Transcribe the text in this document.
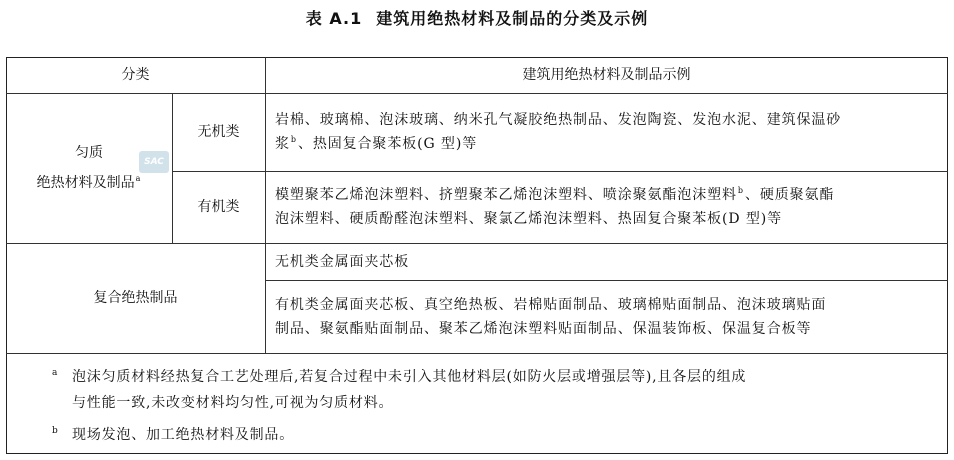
表 A.1 建筑用绝热材料及制品的分类及示例
分类	建筑用绝热材料及制品示例
匀质
绝热材料及制品$^a$
SAC
无机类
岩棉、玻璃棉、泡沫玻璃、纳米孔气凝胶绝热制品、发泡陶瓷、发泡水泥、建筑保温砂
浆$^b$、热固复合聚苯板(G 型)等
有机类
模塑聚苯乙烯泡沫塑料、挤塑聚苯乙烯泡沫塑料、喷涂聚氨酯泡沫塑料$^b$、硬质聚氨酯
泡沫塑料、硬质酚醛泡沫塑料、聚氯乙烯泡沫塑料、热固复合聚苯板(D 型)等
复合绝热制品
无机类金属面夹芯板
有机类金属面夹芯板、真空绝热板、岩棉贴面制品、玻璃棉贴面制品、泡沫玻璃贴面
制品、聚氨酯贴面制品、聚苯乙烯泡沫塑料贴面制品、保温装饰板、保温复合板等
a 泡沫匀质材料经热复合工艺处理后,若复合过程中未引入其他材料层(如防火层或增强层等),且各层的组成
与性能一致,未改变材料均匀性,可视为匀质材料。
b 现场发泡、加工绝热材料及制品。
